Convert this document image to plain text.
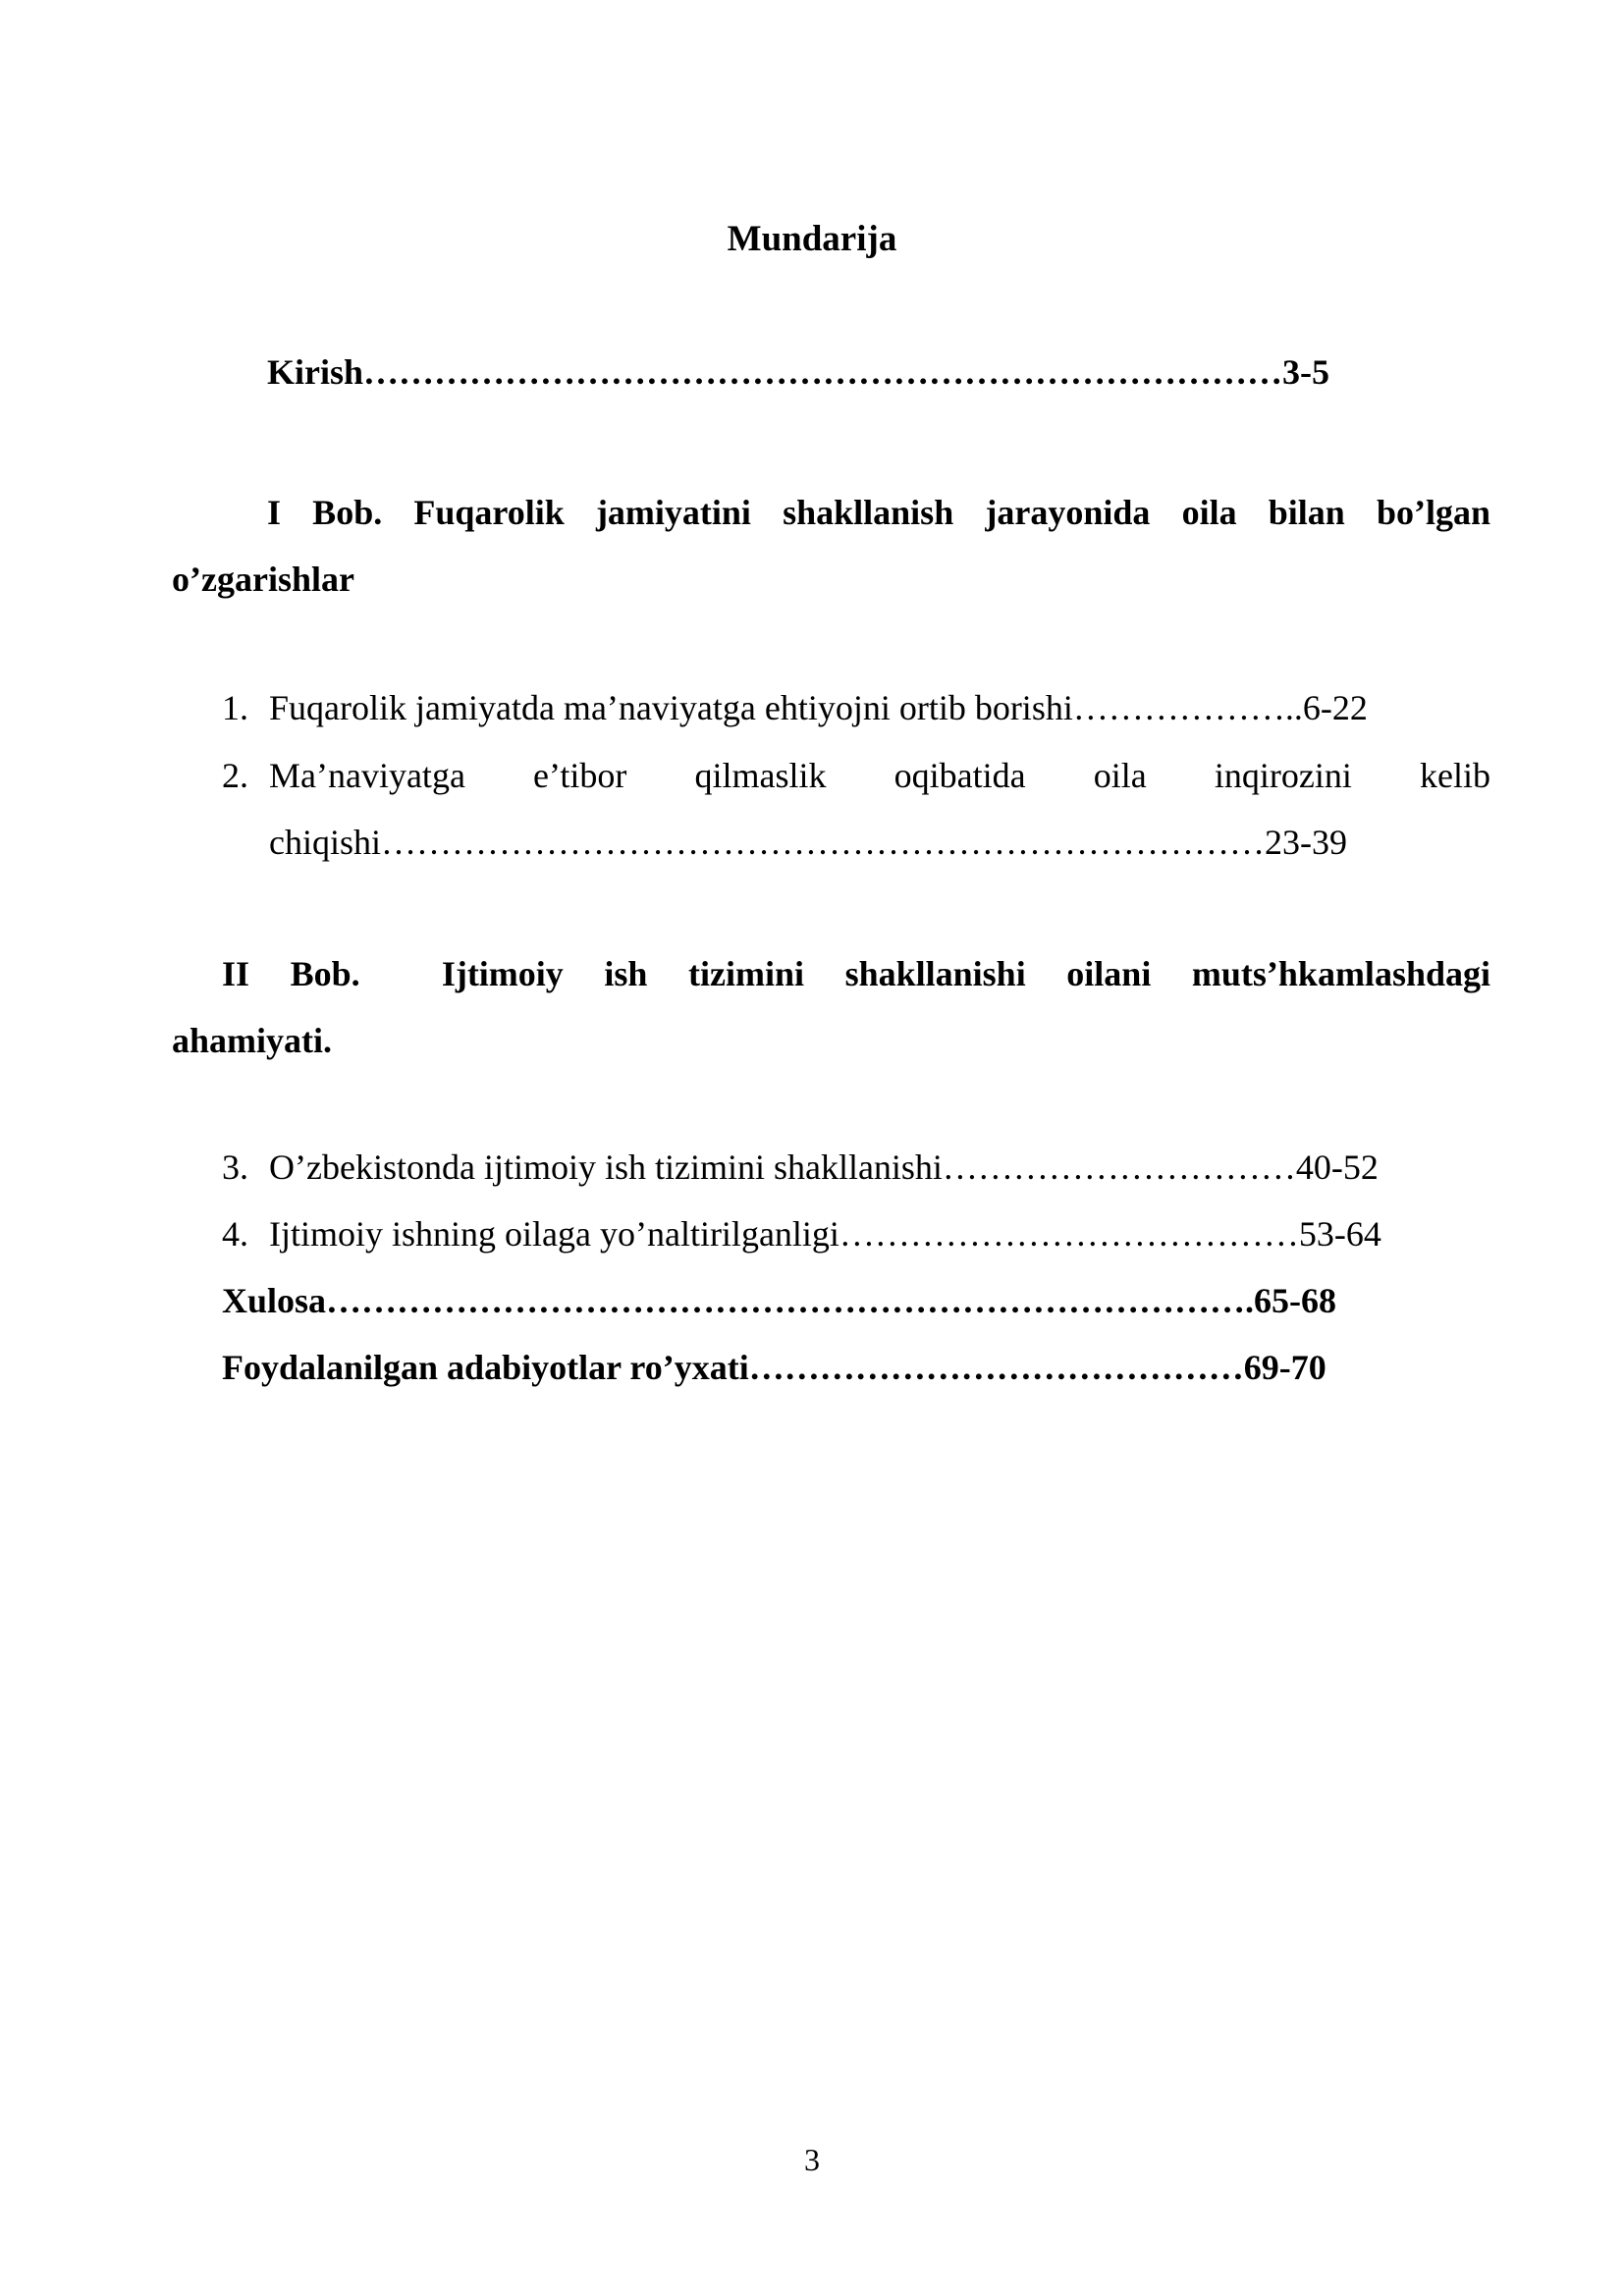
Mundarija
Kirish……………………………………………………………………3-5
I Bob. Fuqarolik jamiyatini shakllanish jarayonida oila bilan bo’lgan
o’zgarishlar
1. Fuqarolik jamiyatda ma’naviyatga ehtiyojni ortib borishi………………..6-22
2. Ma’naviyatga e’tibor qilmaslik oqibatida oila inqirozini kelib
chiqishi…………………………………………………………………23-39
II Bob.  Ijtimoiy ish tizimini shakllanishi oilani muts’hkamlashdagi
ahamiyati.
3. O’zbekistonda ijtimoiy ish tizimini shakllanishi…………………………40-52
4. Ijtimoiy ishning oilaga yo’naltirilganligi…………………………………53-64
Xulosa…………………………………………………………………….65-68
Foydalanilgan adabiyotlar ro’yxati……………………………………69-70
3
